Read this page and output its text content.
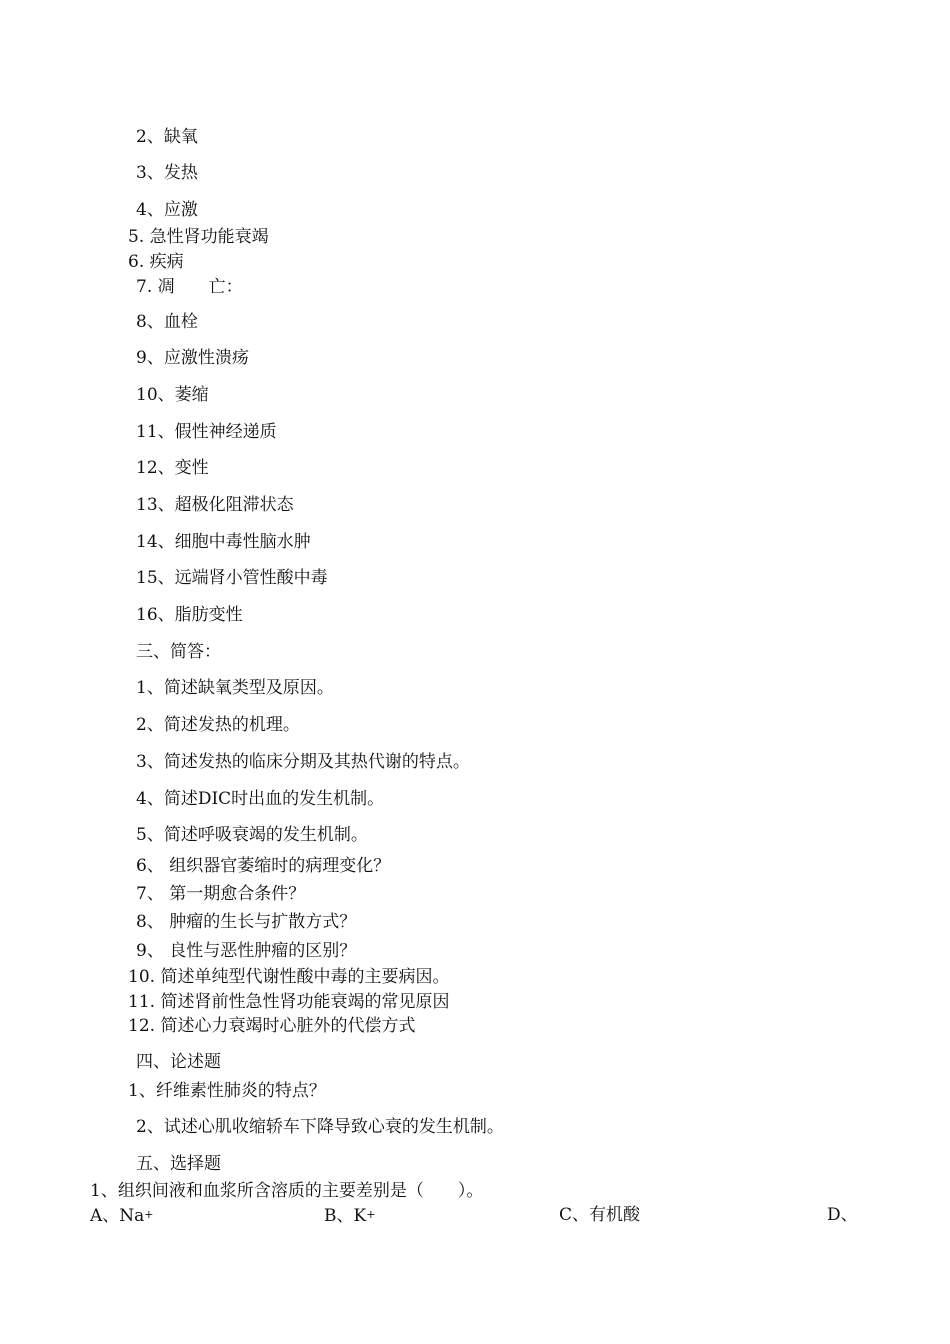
2、缺氧
3、发热
4、应激
5. 急性肾功能衰竭
6. 疾病
7. 凋　　亡：
8、血栓
9、应激性溃疡
10、萎缩
11、假性神经递质
12、变性
13、超极化阻滞状态
14、细胞中毒性脑水肿
15、远端肾小管性酸中毒
16、脂肪变性
三、简答：
1、简述缺氧类型及原因。
2、简述发热的机理。
3、简述发热的临床分期及其热代谢的特点。
4、简述DIC时出血的发生机制。
5、简述呼吸衰竭的发生机制。
6、 组织器官萎缩时的病理变化？
7、 第一期愈合条件？
8、 肿瘤的生长与扩散方式？
9、 良性与恶性肿瘤的区别？
10. 简述单纯型代谢性酸中毒的主要病因。
11. 简述肾前性急性肾功能衰竭的常见原因
12. 简述心力衰竭时心脏外的代偿方式
四、论述题
1、纤维素性肺炎的特点？
2、试述心肌收缩轿车下降导致心衰的发生机制。
五、选择题
1、组织间液和血浆所含溶质的主要差别是（　　）。
A、Na+	B、K+	C、有机酸	D、
